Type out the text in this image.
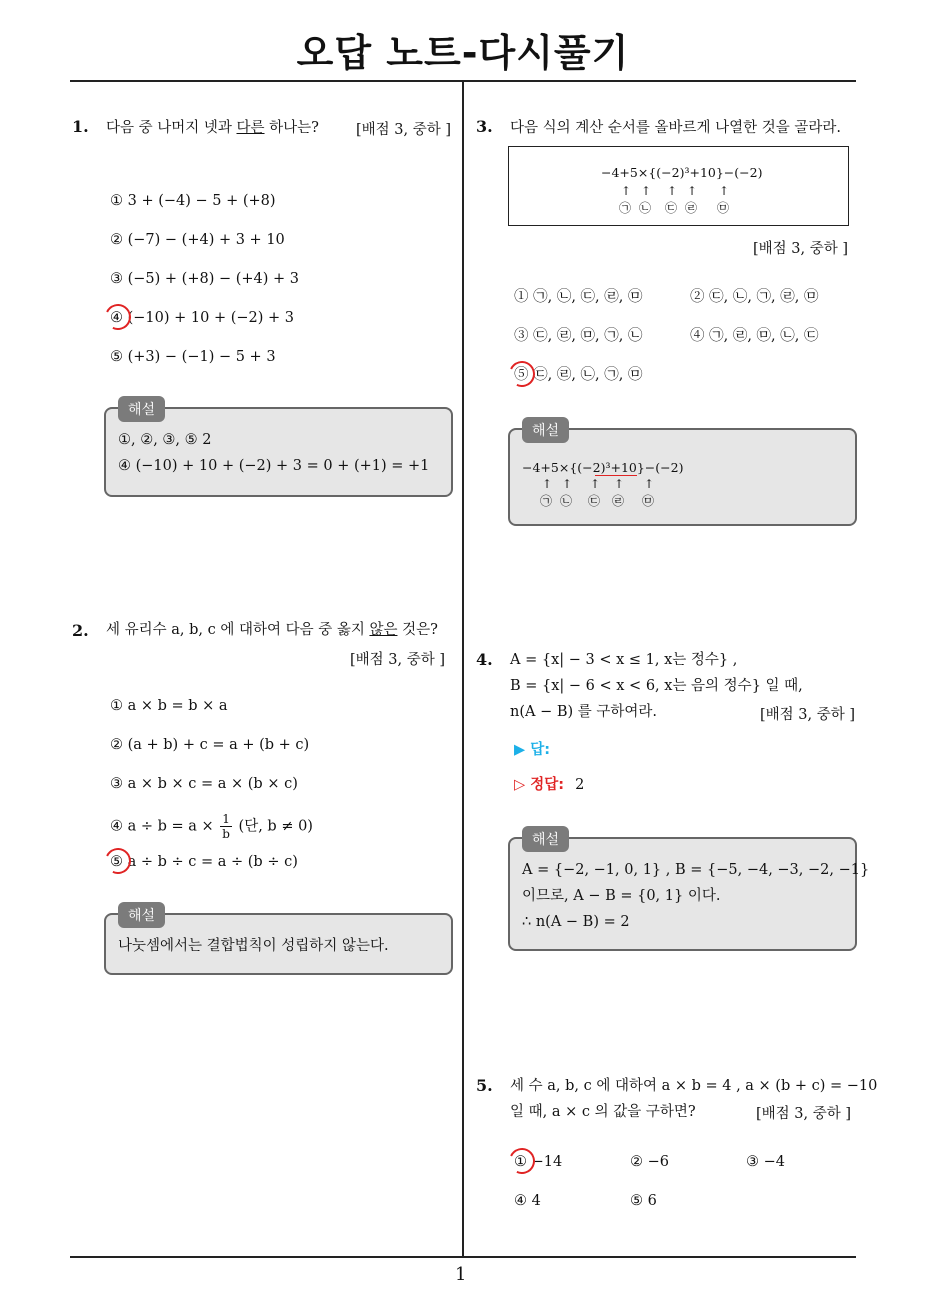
오답 노트-다시풀기
1
1. 다음 중 나머지 넷과 다른 하나는?	[배점 3, 중하 ]
① 3 + (−4) − 5 + (+8)
② (−7) − (+4) + 3 + 10
③ (−5) + (+8) − (+4) + 3
④ (−10) + 10 + (−2) + 3
⑤ (+3) − (−1) − 5 + 3
①, ②, ③, ⑤ 2
④ (−10) + 10 + (−2) + 3 = 0 + (+1) = +1
해설
2. 세 유리수 a, b, c 에 대하여 다음 중 옳지 않은 것은?
[배점 3, 중하 ]
① a × b = b × a
② (a + b) + c = a + (b + c)
③ a × b × c = a × (b × c)
④ $a \div b = a \times \frac{1}{b}$ (단, b ≠ 0)
⑤ a ÷ b ÷ c = a ÷ (b ÷ c)
나눗셈에서는 결합법칙이 성립하지 않는다.
해설
3. 다음 식의 계산 순서를 올바르게 나열한 것을 골라라.
−4+5×{(−2)³+10}−(−2)
↑ ↑ ↑ ↑ ↑
㉠ ㉡ ㉢ ㉣ ㉤
[배점 3, 중하 ]
① ㉠, ㉡, ㉢, ㉣, ㉤	② ㉢, ㉡, ㉠, ㉣, ㉤
③ ㉢, ㉣, ㉤, ㉠, ㉡	④ ㉠, ㉣, ㉤, ㉡, ㉢
⑤ ㉢, ㉣, ㉡, ㉠, ㉤
−4+5×{(−2)³+10}−(−2)
↑ ↑ ↑ ↑ ↑
㉠ ㉡ ㉢ ㉣ ㉤
해설
4. A = {x| − 3 < x ≤ 1, x는 정수} ,
B = {x| − 6 < x < 6, x는 음의 정수} 일 때,
n(A − B) 를 구하여라.	[배점 3, 중하 ]
▶ 답:
▷ 정답: 2
A = {−2, −1, 0, 1} , B = {−5, −4, −3, −2, −1}
이므로, A − B = {0, 1} 이다.
∴ n(A − B) = 2
해설
5. 세 수 a, b, c 에 대하여 a × b = 4 , a × (b + c) = −10
일 때, a × c 의 값을 구하면?	[배점 3, 중하 ]
① −14	② −6	③ −4
④ 4	⑤ 6
